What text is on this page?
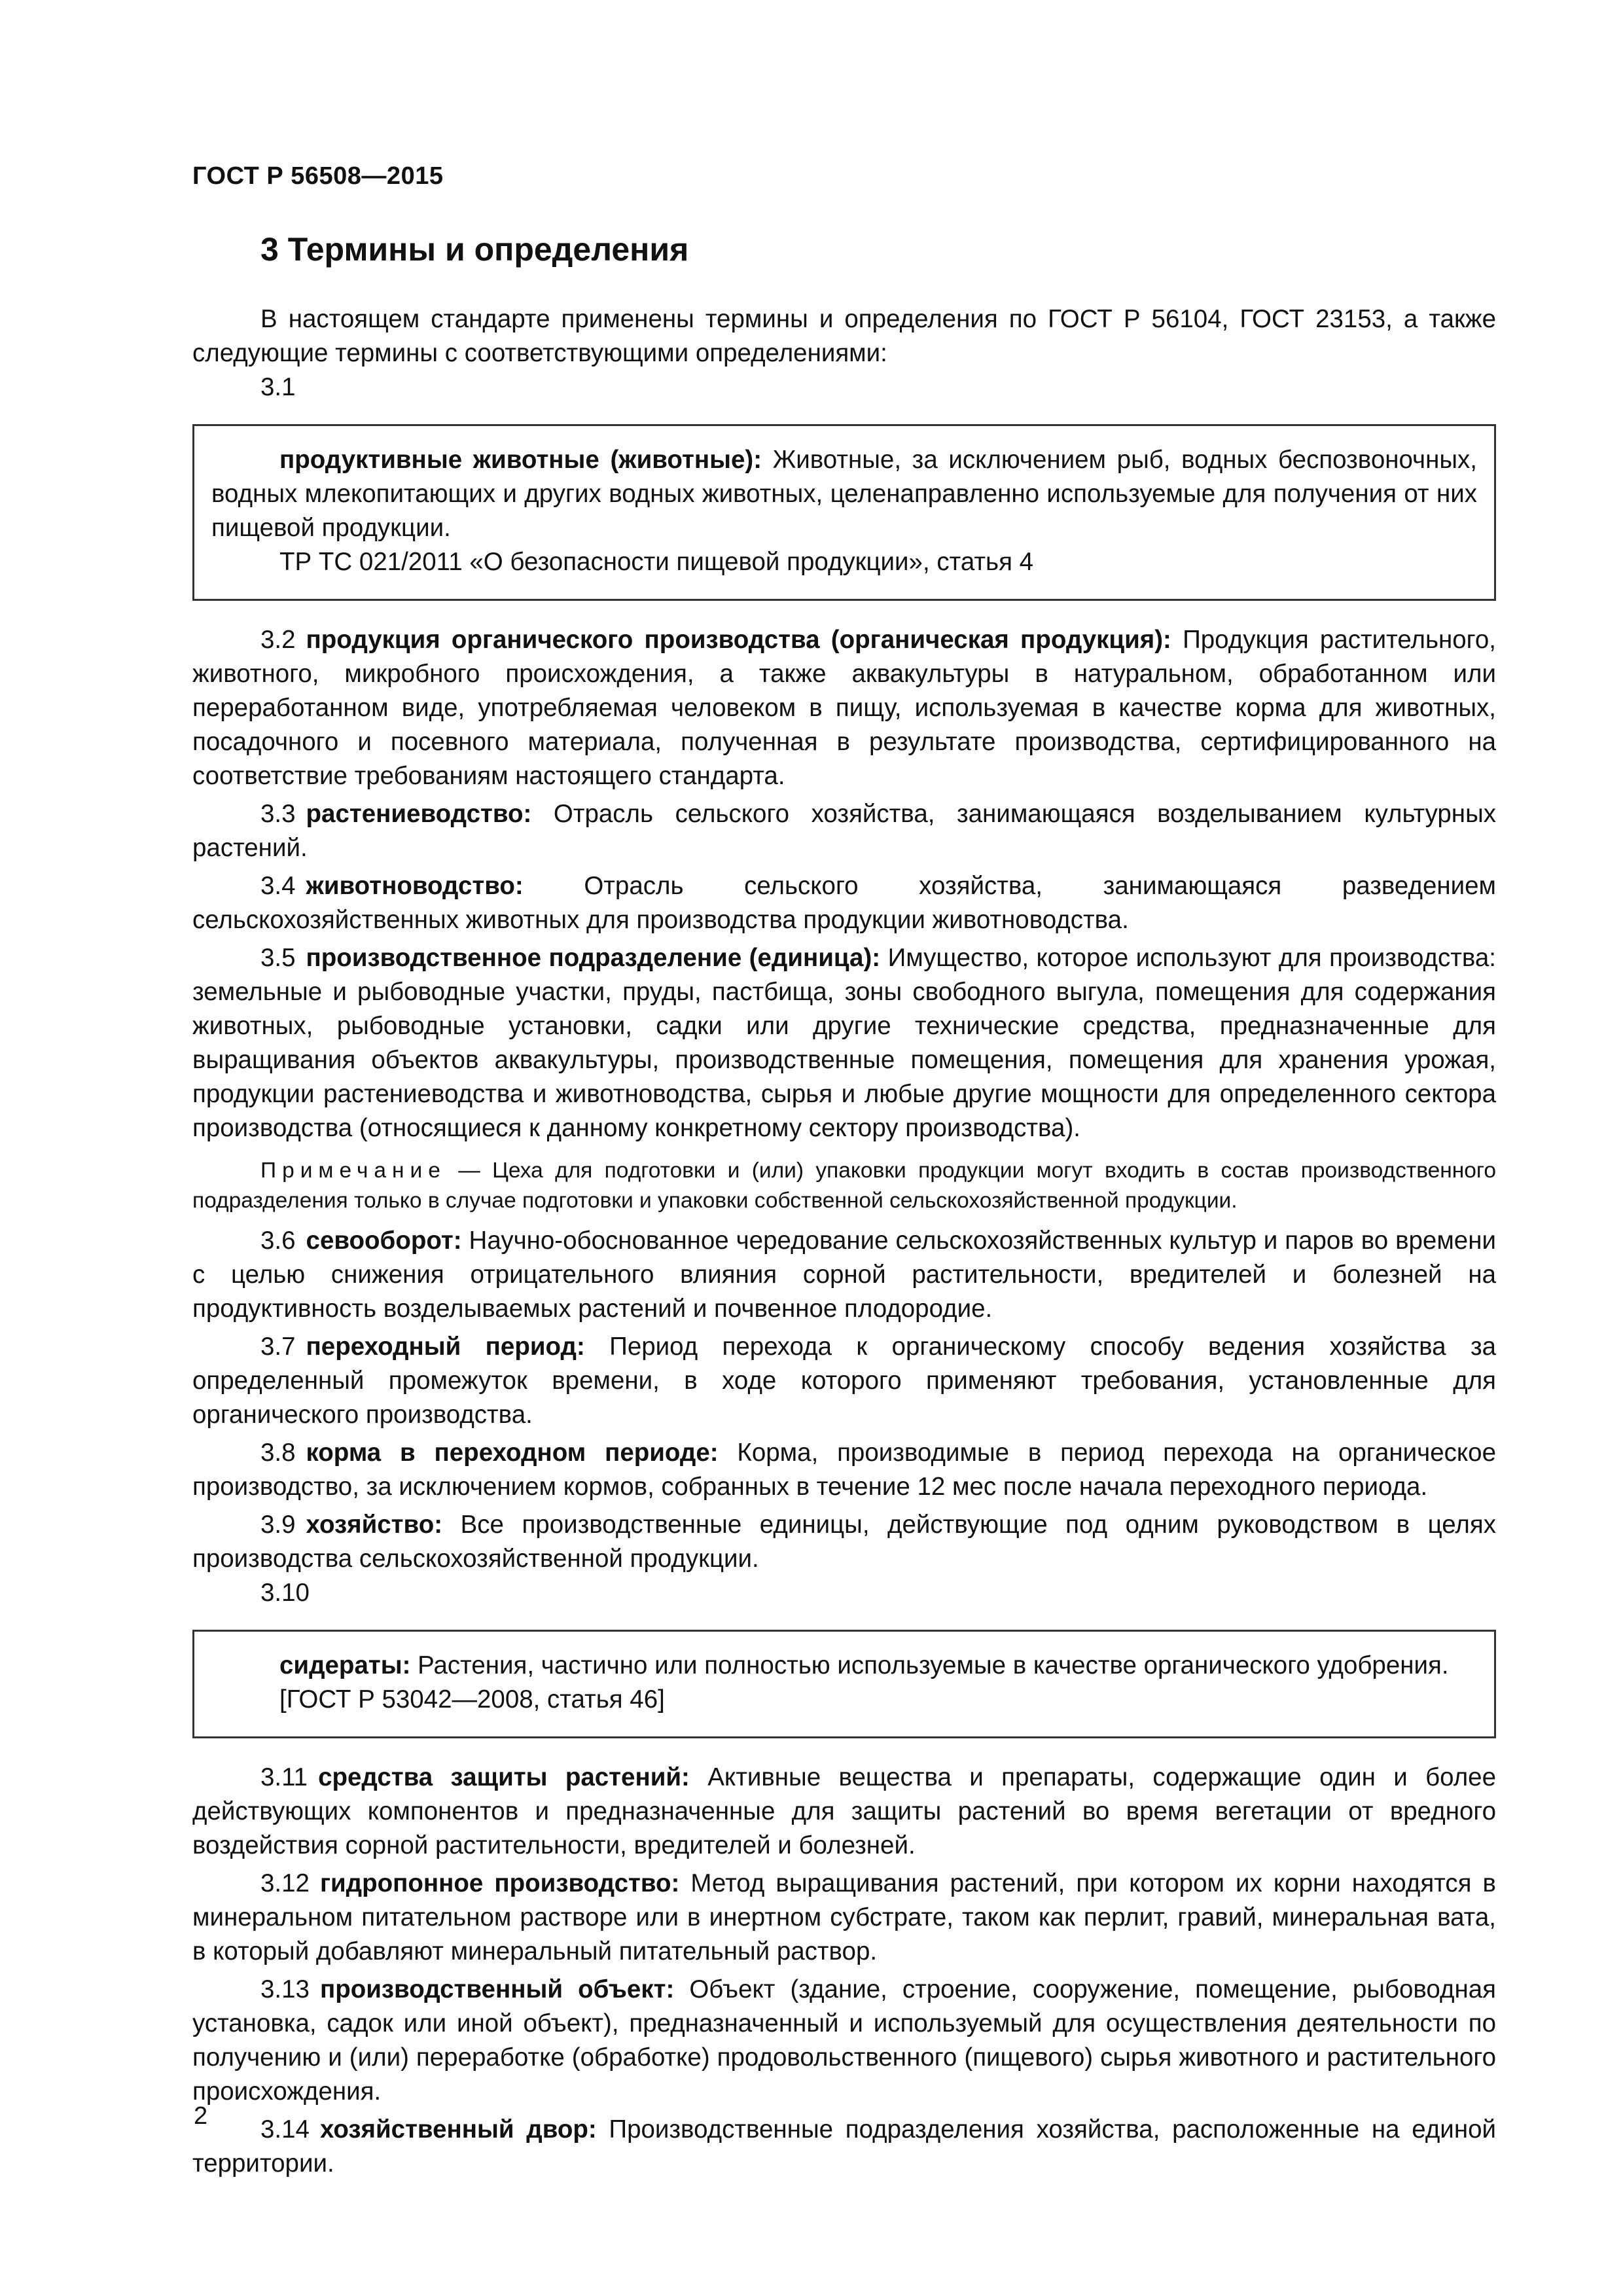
ГОСТ Р 56508—2015
3 Термины и определения

В настоящем стандарте применены термины и определения по ГОСТ Р 56104, ГОСТ 23153, а также следующие термины с соответствующими определениями:

3.1

продуктивные животные (животные): Животные, за исключением рыб, водных беспозвоночных, водных млекопитающих и других водных животных, целенаправленно используемые для получения от них пищевой продукции.

ТР ТС 021/2011 «О безопасности пищевой продукции», статья 4

3.2 продукция органического производства (органическая продукция): Продукция растительного, животного, микробного происхождения, а также аквакультуры в натуральном, обработанном или переработанном виде, употребляемая человеком в пищу, используемая в качестве корма для животных, посадочного и посевного материала, полученная в результате производства, сертифицированного на соответствие требованиям настоящего стандарта.

3.3 растениеводство: Отрасль сельского хозяйства, занимающаяся возделыванием культурных растений.

3.4 животноводство: Отрасль сельского хозяйства, занимающаяся разведением сельскохозяйственных животных для производства продукции животноводства.

3.5 производственное подразделение (единица): Имущество, которое используют для производства: земельные и рыбоводные участки, пруды, пастбища, зоны свободного выгула, помещения для содержания животных, рыбоводные установки, садки или другие технические средства, предназначенные для выращивания объектов аквакультуры, производственные помещения, помещения для хранения урожая, продукции растениеводства и животноводства, сырья и любые другие мощности для определенного сектора производства (относящиеся к данному конкретному сектору производства).

Примечание — Цеха для подготовки и (или) упаковки продукции могут входить в состав производственного подразделения только в случае подготовки и упаковки собственной сельскохозяйственной продукции.

3.6 севооборот: Научно-обоснованное чередование сельскохозяйственных культур и паров во времени с целью снижения отрицательного влияния сорной растительности, вредителей и болезней на продуктивность возделываемых растений и почвенное плодородие.

3.7 переходный период: Период перехода к органическому способу ведения хозяйства за определенный промежуток времени, в ходе которого применяют требования, установленные для органического производства.

3.8 корма в переходном периоде: Корма, производимые в период перехода на органическое производство, за исключением кормов, собранных в течение 12 мес после начала переходного периода.

3.9 хозяйство: Все производственные единицы, действующие под одним руководством в целях производства сельскохозяйственной продукции.

3.10

сидераты: Растения, частично или полностью используемые в качестве органического удобрения.

[ГОСТ Р 53042—2008, статья 46]

3.11 средства защиты растений: Активные вещества и препараты, содержащие один и более действующих компонентов и предназначенные для защиты растений во время вегетации от вредного воздействия сорной растительности, вредителей и болезней.

3.12 гидропонное производство: Метод выращивания растений, при котором их корни находятся в минеральном питательном растворе или в инертном субстрате, таком как перлит, гравий, минеральная вата, в который добавляют минеральный питательный раствор.

3.13 производственный объект: Объект (здание, строение, сооружение, помещение, рыбоводная установка, садок или иной объект), предназначенный и используемый для осуществления деятельности по получению и (или) переработке (обработке) продовольственного (пищевого) сырья животного и растительного происхождения.

3.14 хозяйственный двор: Производственные подразделения хозяйства, расположенные на единой территории.

2
